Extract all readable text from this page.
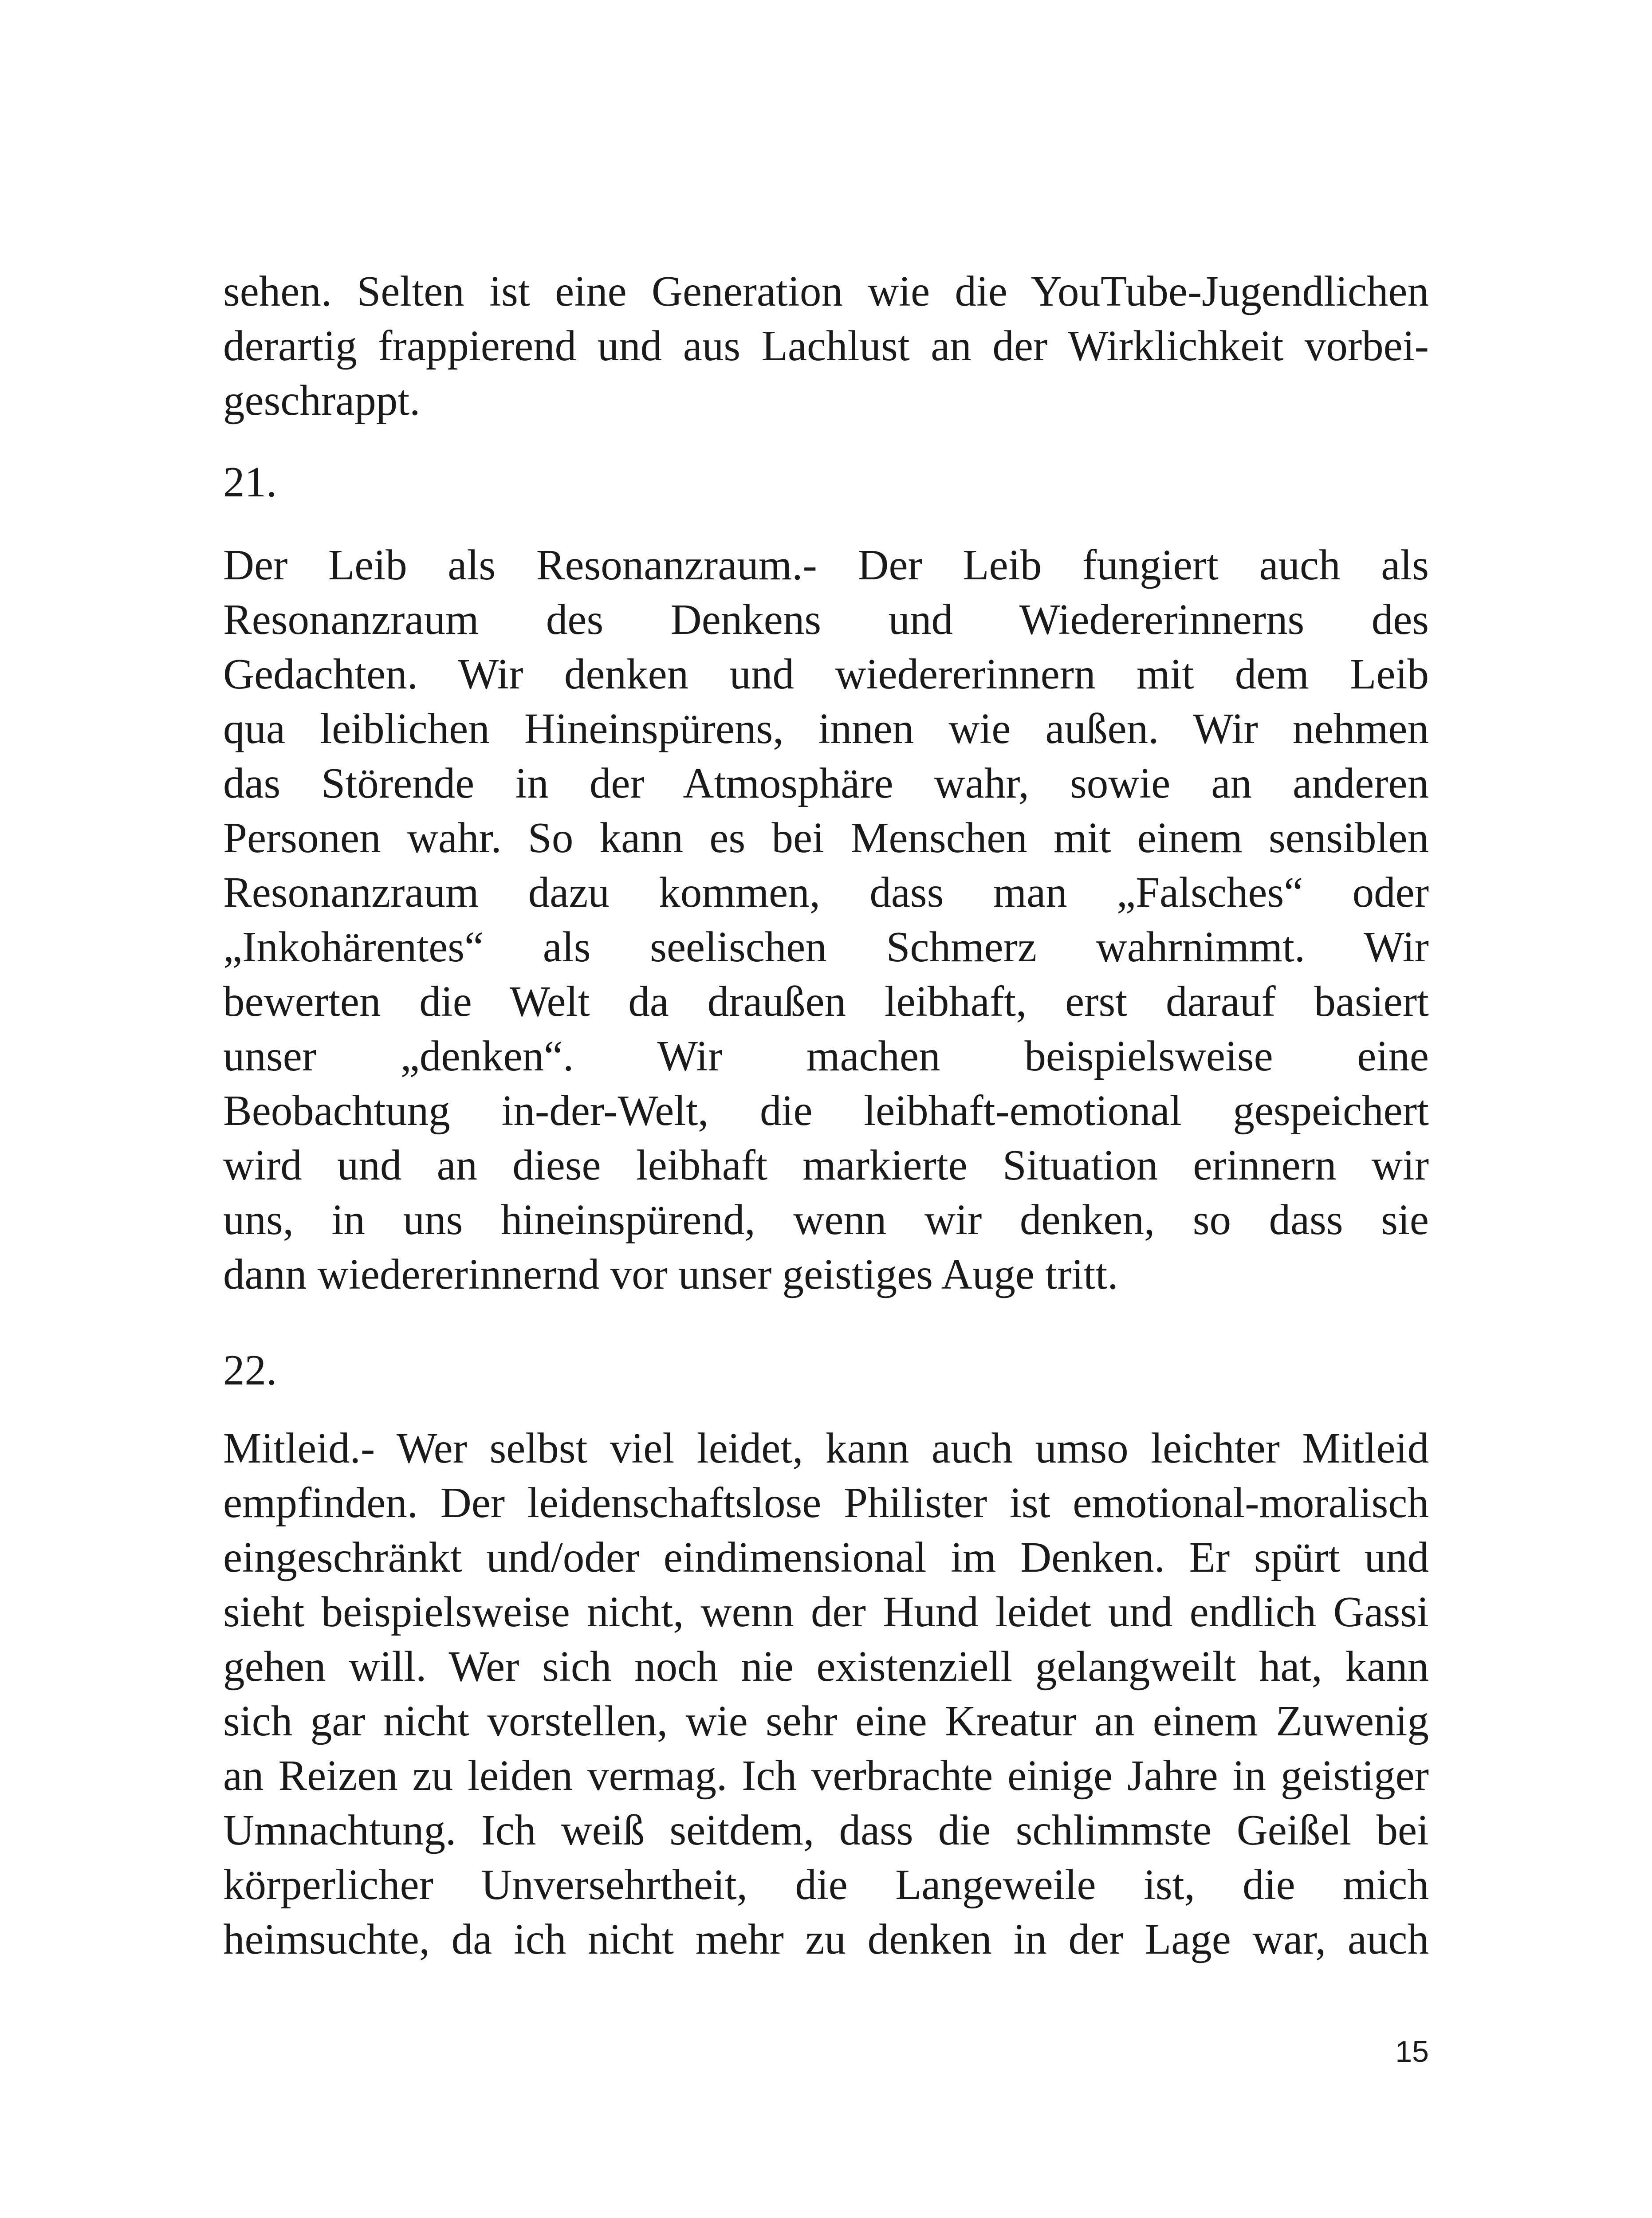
sehen. Selten ist eine Generation wie die YouTube-Jugendlichen
derartig frappierend und aus Lachlust an der Wirklichkeit vorbei-
geschrappt.
21.
Der Leib als Resonanzraum.- Der Leib fungiert auch als
Resonanzraum des Denkens und Wiedererinnerns des
Gedachten. Wir denken und wiedererinnern mit dem Leib
qua leiblichen Hineinspürens, innen wie außen. Wir nehmen
das Störende in der Atmosphäre wahr, sowie an anderen
Personen wahr. So kann es bei Menschen mit einem sensiblen
Resonanzraum dazu kommen, dass man „Falsches“ oder
„Inkohärentes“ als seelischen Schmerz wahrnimmt. Wir
bewerten die Welt da draußen leibhaft, erst darauf basiert
unser „denken“. Wir machen beispielsweise eine
Beobachtung in-der-Welt, die leibhaft-emotional gespeichert
wird und an diese leibhaft markierte Situation erinnern wir
uns, in uns hineinspürend, wenn wir denken, so dass sie
dann wiedererinnernd vor unser geistiges Auge tritt.
22.
Mitleid.- Wer selbst viel leidet, kann auch umso leichter Mitleid
empfinden. Der leidenschaftslose Philister ist emotional-moralisch
eingeschränkt und/oder eindimensional im Denken. Er spürt und
sieht beispielsweise nicht, wenn der Hund leidet und endlich Gassi
gehen will. Wer sich noch nie existenziell gelangweilt hat, kann
sich gar nicht vorstellen, wie sehr eine Kreatur an einem Zuwenig
an Reizen zu leiden vermag. Ich verbrachte einige Jahre in geistiger
Umnachtung. Ich weiß seitdem, dass die schlimmste Geißel bei
körperlicher Unversehrtheit, die Langeweile ist, die mich
heimsuchte, da ich nicht mehr zu denken in der Lage war, auch
15
